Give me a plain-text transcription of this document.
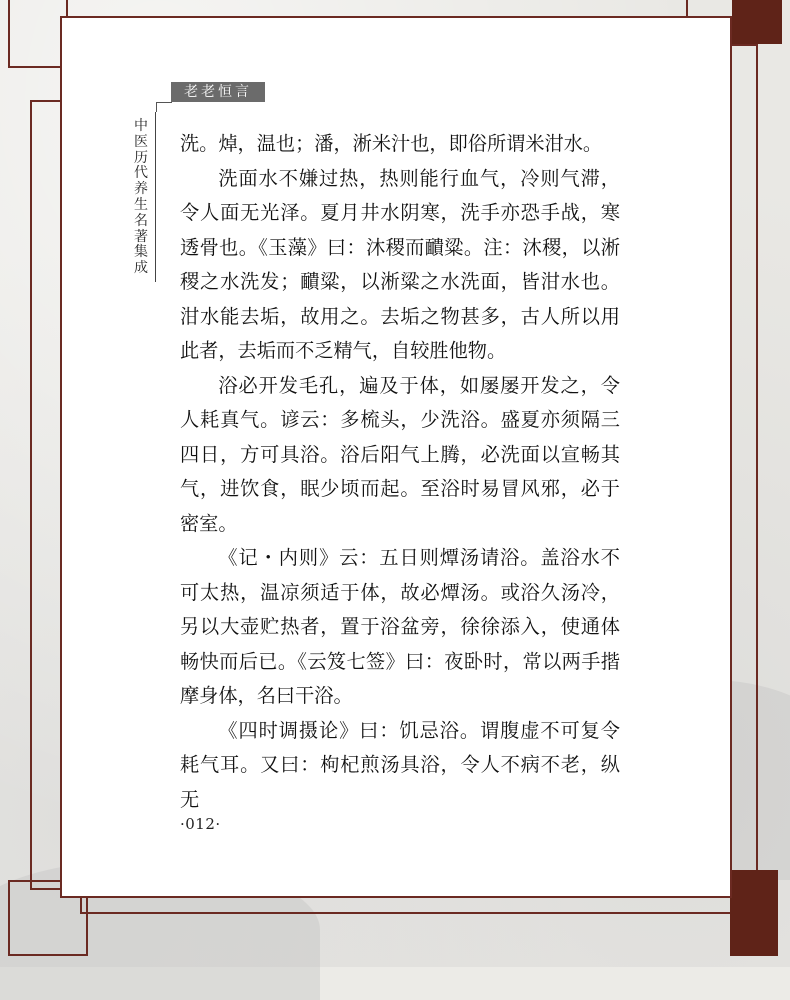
老老恒言
中医历代养生名著集成

洗。焯，温也；潘，淅米汁也，即俗所谓米泔水。

洗面水不嫌过热，热则能行血气，冷则气滞，令人面无光泽。夏月井水阴寒，洗手亦恐手战，寒透骨也。《玉藻》曰：沐稷而靧粱。注：沐稷，以淅稷之水洗发；靧粱，以淅粱之水洗面，皆泔水也。泔水能去垢，故用之。去垢之物甚多，古人所以用此者，去垢而不乏精气，自较胜他物。

浴必开发毛孔，遍及于体，如屡屡开发之，令人耗真气。谚云：多梳头，少洗浴。盛夏亦须隔三四日，方可具浴。浴后阳气上腾，必洗面以宣畅其气，进饮食，眠少顷而起。至浴时易冒风邪，必于密室。

《记・内则》云：五日则燂汤请浴。盖浴水不可太热，温凉须适于体，故必燂汤。或浴久汤冷，另以大壶贮热者，置于浴盆旁，徐徐添入，使通体畅快而后已。《云笈七签》曰：夜卧时，常以两手揩摩身体，名曰干浴。

《四时调摄论》曰：饥忌浴。谓腹虚不可复令耗气耳。又曰：枸杞煎汤具浴，令人不病不老，纵无

·012·
